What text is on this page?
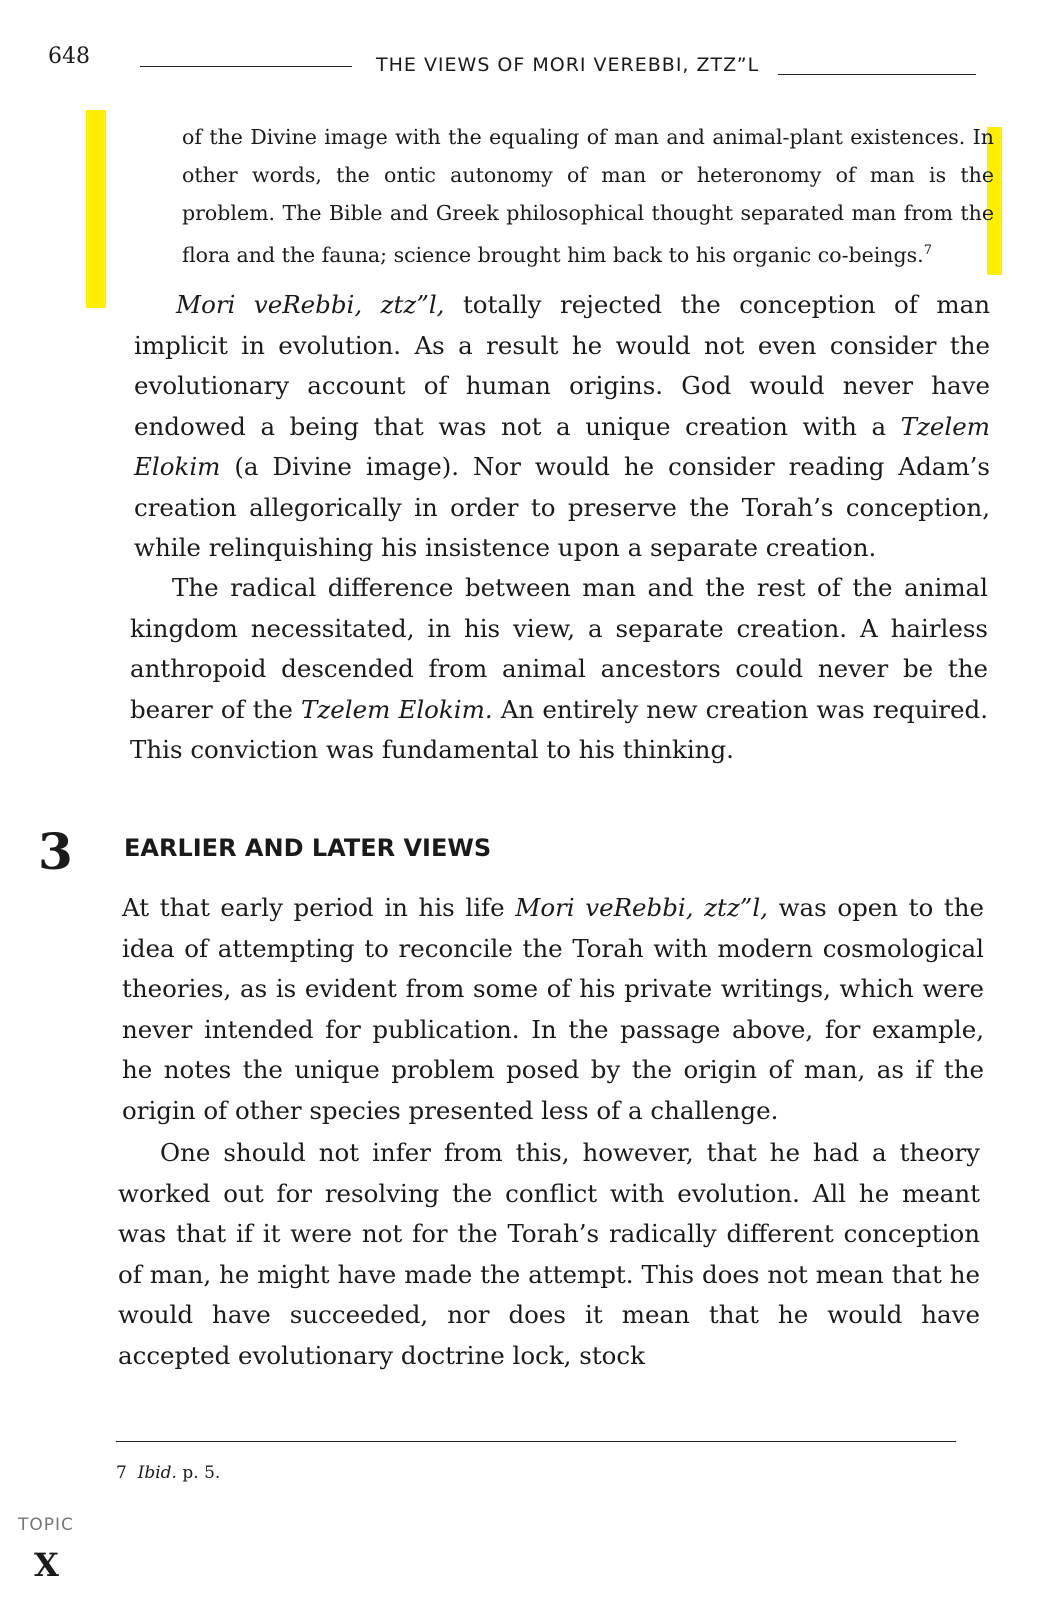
648	THE VIEWS OF MORI VEREBBI, ZTZ”L
of the Divine image with the equaling of man and animal-plant existences. In other words, the ontic autonomy of man or heteronomy of man is the problem. The Bible and Greek philosophical thought separated man from the flora and the fauna; science brought him back to his organic co-beings.$^7$
Mori veRebbi, ztz”l, totally rejected the conception of man implicit in evolution. As a result he would not even consider the evolutionary account of human origins. God would never have endowed a being that was not a unique creation with a Tzelem Elokim (a Divine image). Nor would he consider reading Adam’s creation allegorically in order to preserve the Torah’s conception, while relinquishing his insistence upon a separate creation.
The radical difference between man and the rest of the animal kingdom necessitated, in his view, a separate creation. A hairless anthropoid descended from animal ancestors could never be the bearer of the Tzelem Elokim. An entirely new creation was required. This conviction was fundamental to his thinking.
3 EARLIER AND LATER VIEWS
At that early period in his life Mori veRebbi, ztz”l, was open to the idea of attempting to reconcile the Torah with modern cosmological theories, as is evident from some of his private writings, which were never intended for publication. In the passage above, for example, he notes the unique problem posed by the origin of man, as if the origin of other species presented less of a challenge.
One should not infer from this, however, that he had a theory worked out for resolving the conflict with evolution. All he meant was that if it were not for the Torah’s radically different conception of man, he might have made the attempt. This does not mean that he would have succeeded, nor does it mean that he would have accepted evolutionary doctrine lock, stock
7 Ibid. p. 5.
TOPIC
X
